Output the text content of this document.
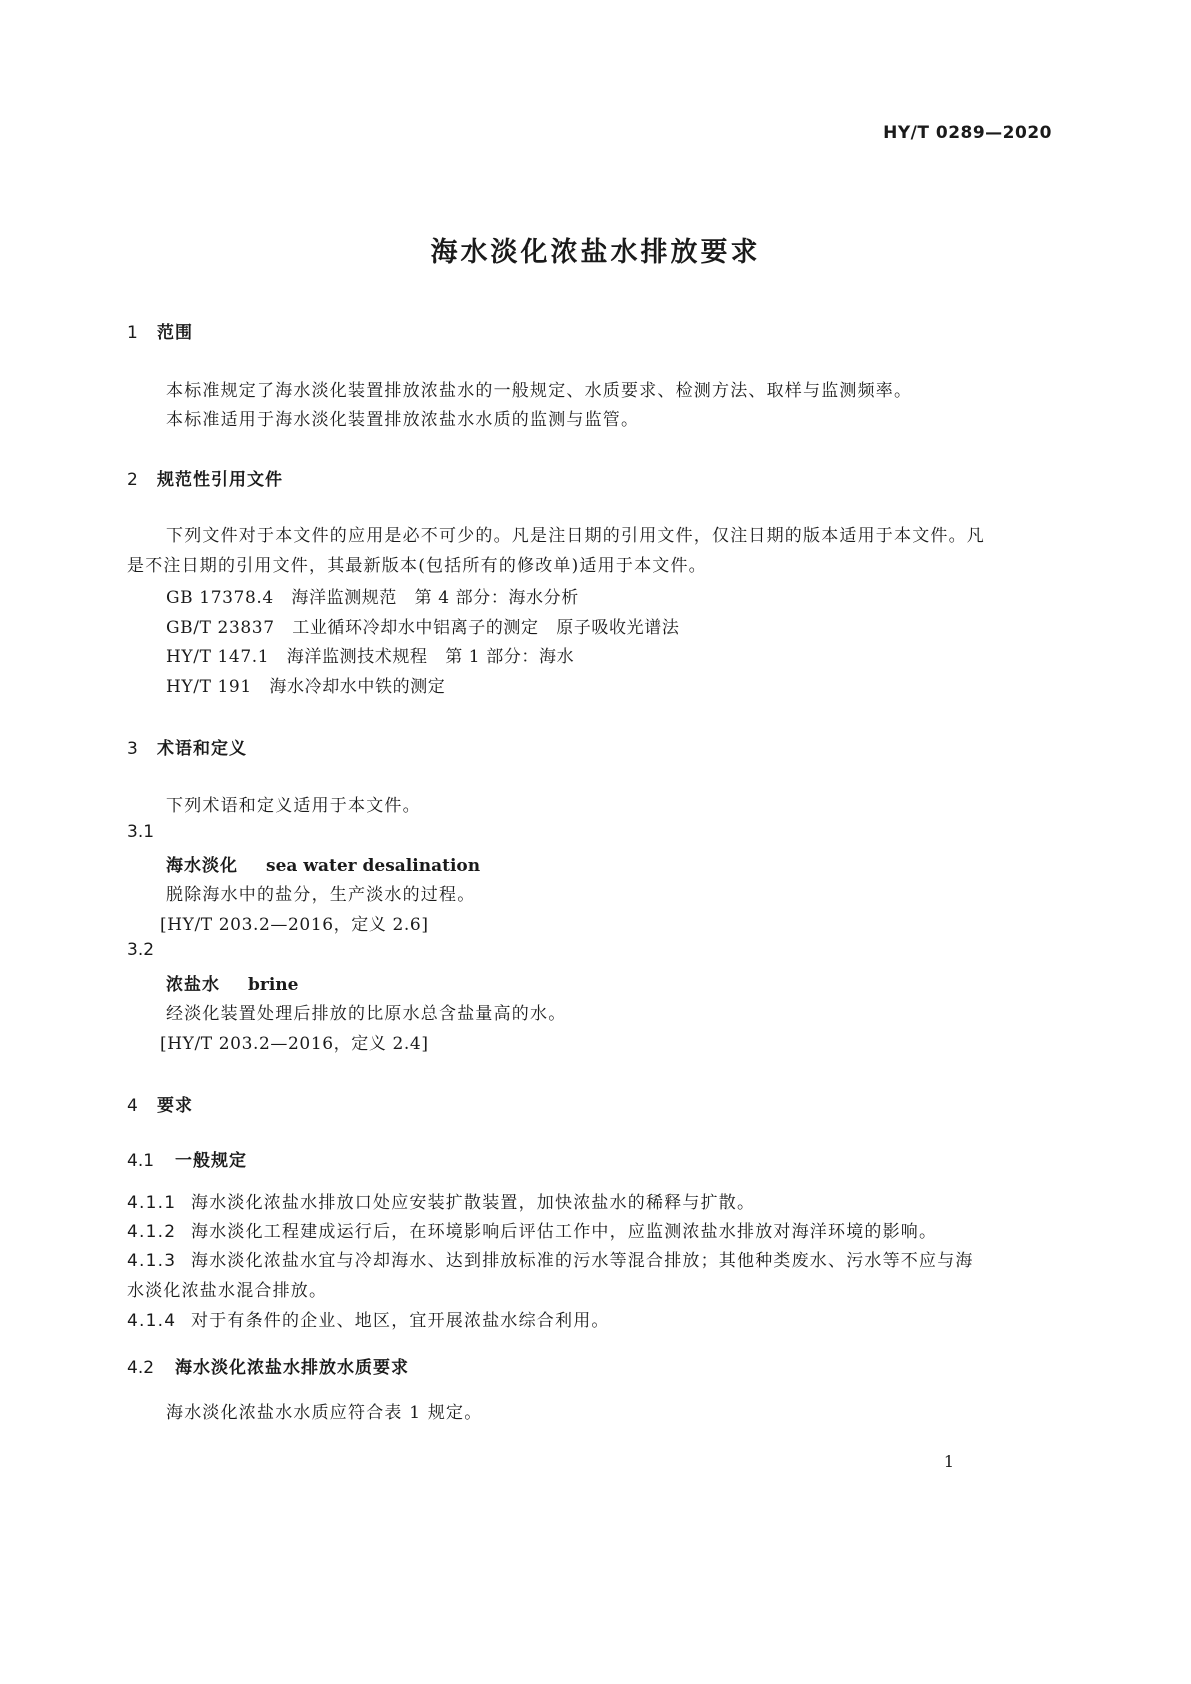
HY/T 0289—2020
海水淡化浓盐水排放要求
1 范围
本标准规定了海水淡化装置排放浓盐水的一般规定、水质要求、检测方法、取样与监测频率。
本标准适用于海水淡化装置排放浓盐水水质的监测与监管。
2 规范性引用文件
下列文件对于本文件的应用是必不可少的。凡是注日期的引用文件，仅注日期的版本适用于本文件。凡是不注日期的引用文件，其最新版本(包括所有的修改单)适用于本文件。
GB 17378.4　 海洋监测规范　第 4 部分：海水分析
GB/T 23837　 工业循环冷却水中铝离子的测定　原子吸收光谱法
HY/T 147.1　 海洋监测技术规程　第 1 部分：海水
HY/T 191　 海水冷却水中铁的测定
3 术语和定义
下列术语和定义适用于本文件。
3.1
海水淡化 sea water desalination
脱除海水中的盐分，生产淡水的过程。
[HY/T 203.2—2016，定义 2.6]
3.2
浓盐水 brine
经淡化装置处理后排放的比原水总含盐量高的水。
[HY/T 203.2—2016，定义 2.4]
4 要求
4.1 一般规定
4.1.1 海水淡化浓盐水排放口处应安装扩散装置，加快浓盐水的稀释与扩散。
4.1.2 海水淡化工程建成运行后，在环境影响后评估工作中，应监测浓盐水排放对海洋环境的影响。
4.1.3 海水淡化浓盐水宜与冷却海水、达到排放标准的污水等混合排放；其他种类废水、污水等不应与海水淡化浓盐水混合排放。
4.1.4 对于有条件的企业、地区，宜开展浓盐水综合利用。
4.2 海水淡化浓盐水排放水质要求
海水淡化浓盐水水质应符合表 1 规定。
1
